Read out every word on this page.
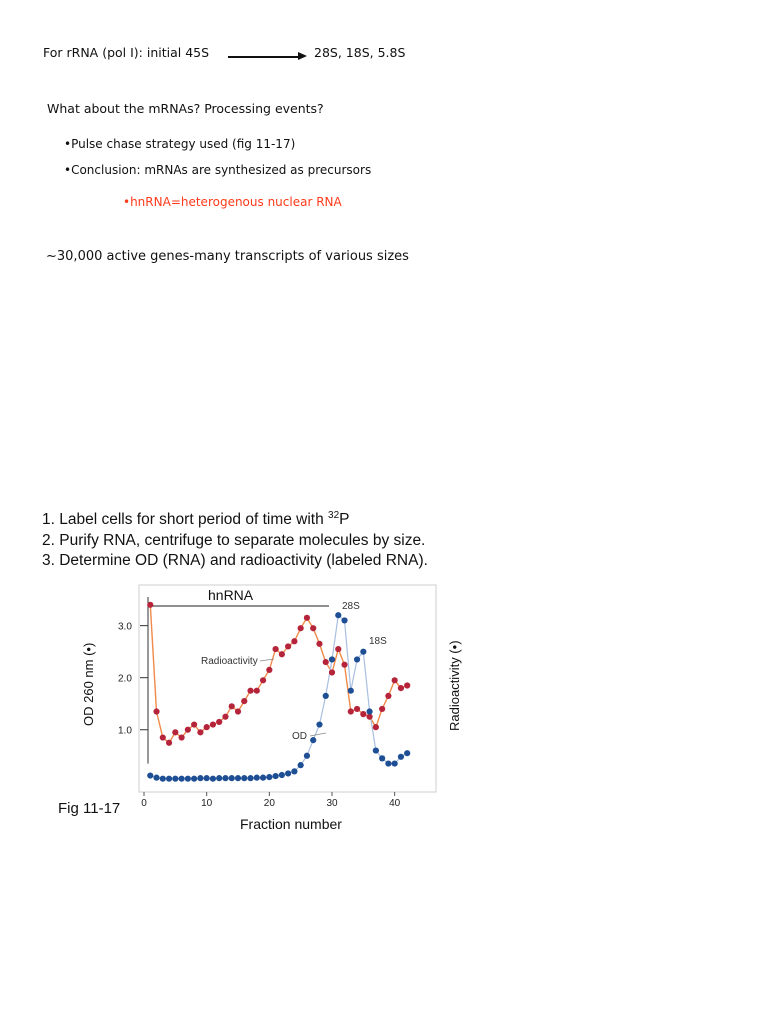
For rRNA (pol I): initial 45S	28S, 18S, 5.8S
What about the mRNAs? Processing events?
•Pulse chase strategy used (fig 11-17)
•Conclusion: mRNAs are synthesized as precursors
•hnRNA=heterogenous nuclear RNA
~30,000 active genes-many transcripts of various sizes
1. Label cells for short period of time with $^{32}$P
2. Purify RNA, centrifuge to separate molecules by size.
3. Determine OD (RNA) and radioactivity (labeled RNA).
1.0
2.0
3.0
0	10	20	30	40
hnRNA
28S
18S
Radioactivity
OD
OD 260 nm (•)	Radioactivity (•)
Fraction number
Fig 11-17
